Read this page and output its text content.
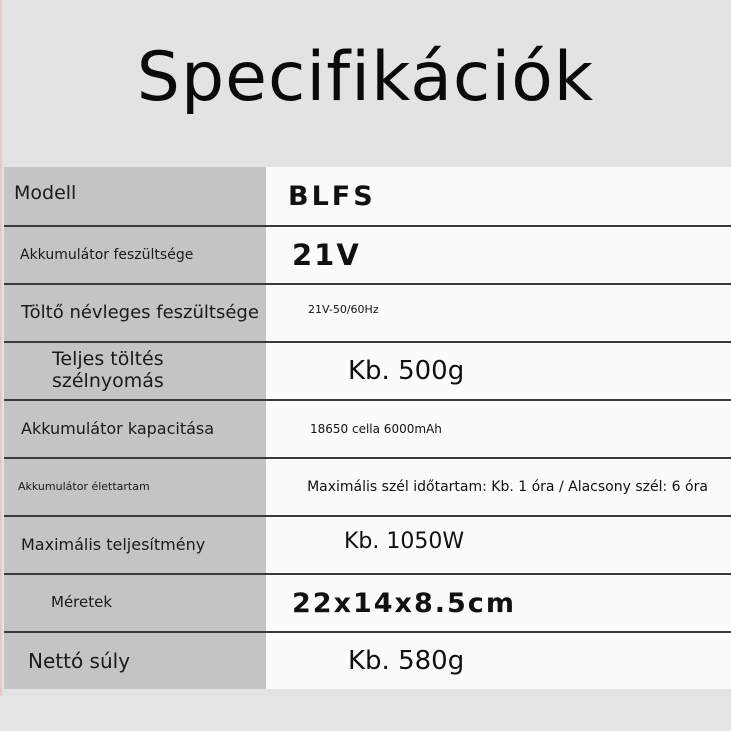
Specifikációk
Modell	BLFS
Akkumulátor feszültsége	21V
Töltő névleges feszültsége	21V-50/60Hz
Teljes töltés szélnyomás	Kb. 500g
Akkumulátor kapacitása	18650 cella 6000mAh
Akkumulátor élettartam	Maximális szél időtartam: Kb. 1 óra / Alacsony szél: 6 óra
Maximális teljesítmény	Kb. 1050W
Méretek	22x14x8.5cm
Nettó súly	Kb. 580g
